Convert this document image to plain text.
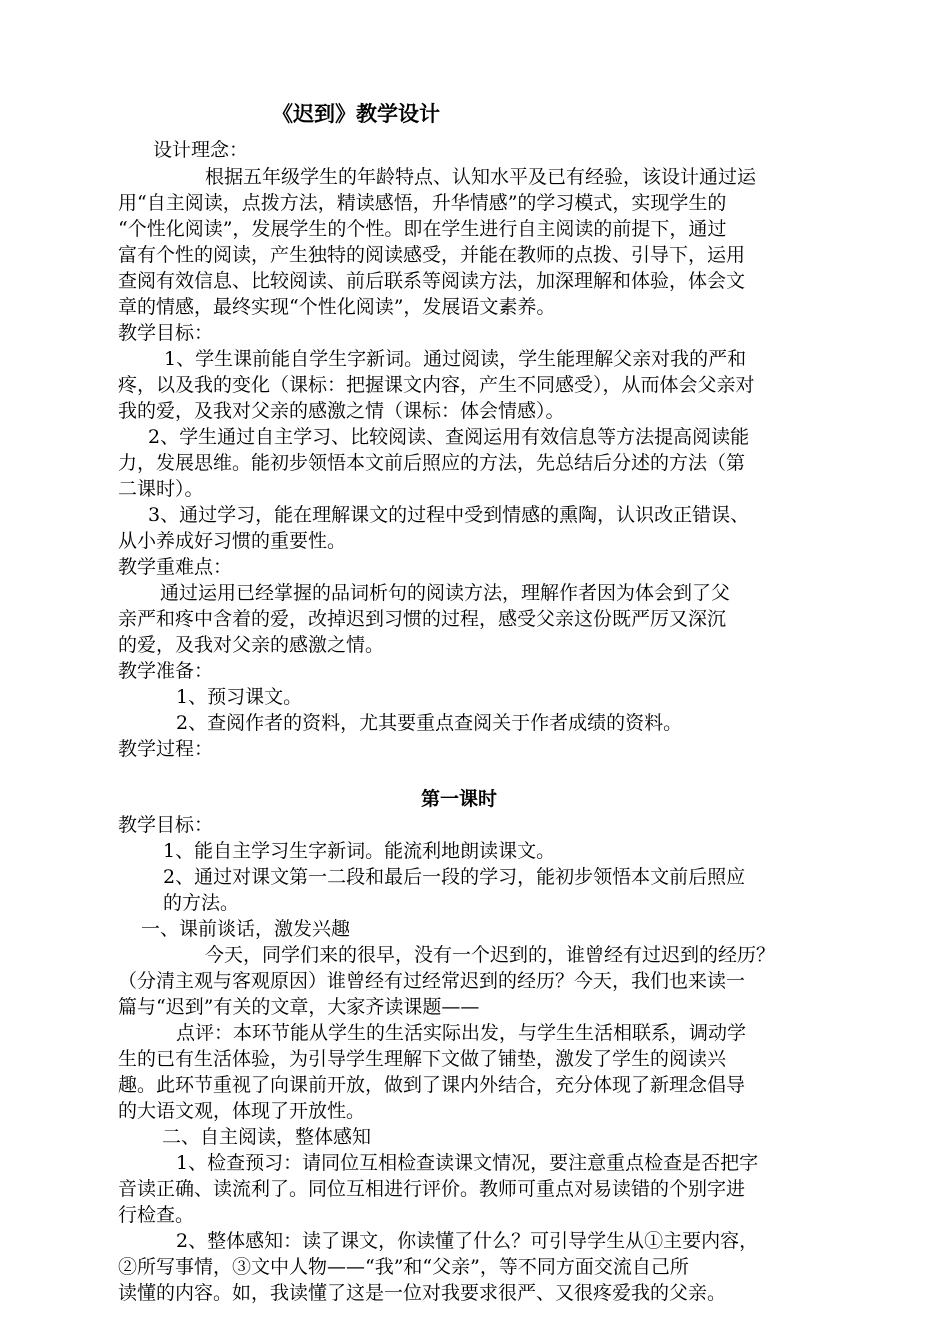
《迟到》教学设计
设计理念：
根据五年级学生的年龄特点、认知水平及已有经验，该设计通过运
用“自主阅读，点拨方法，精读感悟，升华情感”的学习模式，实现学生的
“个性化阅读”，发展学生的个性。即在学生进行自主阅读的前提下，通过
富有个性的阅读，产生独特的阅读感受，并能在教师的点拨、引导下，运用
查阅有效信息、比较阅读、前后联系等阅读方法，加深理解和体验，体会文
章的情感，最终实现“个性化阅读”，发展语文素养。
教学目标：
1、学生课前能自学生字新词。通过阅读，学生能理解父亲对我的严和
疼，以及我的变化（课标：把握课文内容，产生不同感受），从而体会父亲对
我的爱，及我对父亲的感激之情（课标：体会情感）。
2、学生通过自主学习、比较阅读、查阅运用有效信息等方法提高阅读能
力，发展思维。能初步领悟本文前后照应的方法，先总结后分述的方法（第
二课时）。
3、通过学习，能在理解课文的过程中受到情感的熏陶，认识改正错误、
从小养成好习惯的重要性。
教学重难点：
通过运用已经掌握的品词析句的阅读方法，理解作者因为体会到了父
亲严和疼中含着的爱，改掉迟到习惯的过程，感受父亲这份既严厉又深沉
的爱，及我对父亲的感激之情。
教学准备：
1、预习课文。
2、查阅作者的资料，尤其要重点查阅关于作者成绩的资料。
教学过程：
第一课时
教学目标：
1、能自主学习生字新词。能流利地朗读课文。
2、通过对课文第一二段和最后一段的学习，能初步领悟本文前后照应
的方法。
一、课前谈话，激发兴趣
今天，同学们来的很早，没有一个迟到的，谁曾经有过迟到的经历？
（分清主观与客观原因）谁曾经有过经常迟到的经历？今天，我们也来读一
篇与“迟到”有关的文章，大家齐读课题——
点评：本环节能从学生的生活实际出发，与学生生活相联系，调动学
生的已有生活体验，为引导学生理解下文做了铺垫，激发了学生的阅读兴
趣。此环节重视了向课前开放，做到了课内外结合，充分体现了新理念倡导
的大语文观，体现了开放性。
二、自主阅读，整体感知
1、检查预习：请同位互相检查读课文情况，要注意重点检查是否把字
音读正确、读流利了。同位互相进行评价。教师可重点对易读错的个别字进
行检查。
2、整体感知：读了课文，你读懂了什么？可引导学生从①主要内容，
②所写事情，③文中人物——“我”和“父亲”，等不同方面交流自己所
读懂的内容。如，我读懂了这是一位对我要求很严、又很疼爱我的父亲。
